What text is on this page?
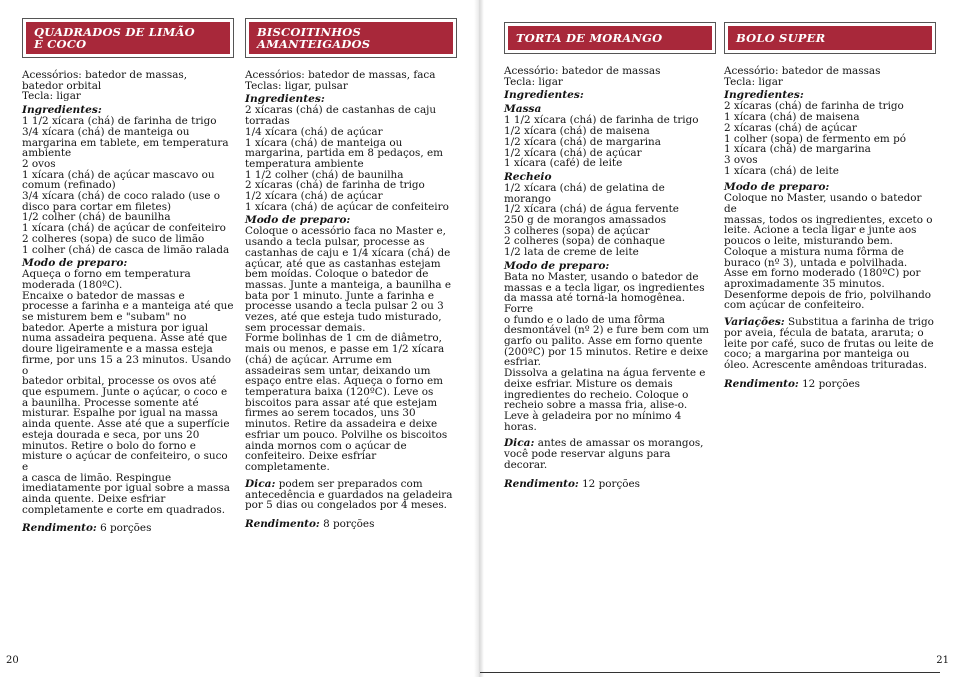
QUADRADOS DE LIMÃO
E COCO

Acessórios: batedor de massas,
batedor orbital
Tecla: ligar

Ingredientes:

1 1/2 xícara (chá) de farinha de trigo
3/4 xícara (chá) de manteiga ou
margarina em tablete, em temperatura
ambiente
2 ovos
1 xícara (chá) de açúcar mascavo ou
comum (refinado)
3/4 xícara (chá) de coco ralado (use o
disco para cortar em filetes)
1/2 colher (chá) de baunilha
1 xícara (chá) de açúcar de confeiteiro
2 colheres (sopa) de suco de limão
1 colher (chá) de casca de limão ralada

Modo de preparo:

Aqueça o forno em temperatura
moderada (180ºC).
Encaixe o batedor de massas e
processe a farinha e a manteiga até que
se misturem bem e "subam" no
batedor. Aperte a mistura por igual
numa assadeira pequena. Asse até que
doure ligeiramente e a massa esteja
firme, por uns 15 a 23 minutos. Usando o
batedor orbital, processe os ovos até
que espumem. Junte o açúcar, o coco e
a baunilha. Processe somente até
misturar. Espalhe por igual na massa
ainda quente. Asse até que a superfície
esteja dourada e seca, por uns 20
minutos. Retire o bolo do forno e
misture o açúcar de confeiteiro, o suco e
a casca de limão. Respingue
imediatamente por igual sobre a massa
ainda quente. Deixe esfriar
completamente e corte em quadrados.

Rendimento: 6 porções
BISCOITINHOS
AMANTEIGADOS

Acessórios: batedor de massas, faca
Teclas: ligar, pulsar

Ingredientes:

2 xícaras (chá) de castanhas de caju
torradas
1/4 xícara (chá) de açúcar
1 xícara (chá) de manteiga ou
margarina, partida em 8 pedaços, em
temperatura ambiente
1 1/2 colher (chá) de baunilha
2 xícaras (chá) de farinha de trigo
1/2 xícara (chá) de açúcar
1 xícara (chá) de açúcar de confeiteiro

Modo de preparo:

Coloque o acessório faca no Master e,
usando a tecla pulsar, processe as
castanhas de caju e 1/4 xícara (chá) de
açúcar, até que as castanhas estejam
bem moídas. Coloque o batedor de
massas. Junte a manteiga, a baunilha e
bata por 1 minuto. Junte a farinha e
processe usando a tecla pulsar 2 ou 3
vezes, até que esteja tudo misturado,
sem processar demais.
Forme bolinhas de 1 cm de diâmetro,
mais ou menos, e passe em 1/2 xícara
(chá) de açúcar. Arrume em
assadeiras sem untar, deixando um
espaço entre elas. Aqueça o forno em
temperatura baixa (120ºC). Leve os
biscoitos para assar até que estejam
firmes ao serem tocados, uns 30
minutos. Retire da assadeira e deixe
esfriar um pouco. Polvilhe os biscoitos
ainda mornos com o açúcar de
confeiteiro. Deixe esfriar
completamente.

Dica: podem ser preparados com
antecedência e guardados na geladeira
por 5 dias ou congelados por 4 meses.

Rendimento: 8 porções
20
TORTA DE MORANGO

Acessório: batedor de massas
Tecla: ligar

Ingredientes:

Massa

1 1/2 xícara (chá) de farinha de trigo
1/2 xícara (chá) de maisena
1/2 xícara (chá) de margarina
1/2 xícara (chá) de açúcar
1 xícara (café) de leite

Recheio

1/2 xícara (chá) de gelatina de
morango
1/2 xícara (chá) de água fervente
250 g de morangos amassados
3 colheres (sopa) de açúcar
2 colheres (sopa) de conhaque
1/2 lata de creme de leite

Modo de preparo:

Bata no Master, usando o batedor de
massas e a tecla ligar, os ingredientes
da massa até torná-la homogênea. Forre
o fundo e o lado de uma fôrma
desmontável (nº 2) e fure bem com um
garfo ou palito. Asse em forno quente
(200ºC) por 15 minutos. Retire e deixe
esfriar.
Dissolva a gelatina na água fervente e
deixe esfriar. Misture os demais
ingredientes do recheio. Coloque o
recheio sobre a massa fria, alise-o.
Leve à geladeira por no mínimo 4 horas.

Dica: antes de amassar os morangos,
você pode reservar alguns para
decorar.

Rendimento: 12 porções
BOLO SUPER

Acessório: batedor de massas
Tecla: ligar

Ingredientes:

2 xícaras (chá) de farinha de trigo
1 xícara (chá) de maisena
2 xícaras (chá) de açúcar
1 colher (sopa) de fermento em pó
1 xícara (chá) de margarina
3 ovos
1 xícara (chá) de leite

Modo de preparo:

Coloque no Master, usando o batedor de
massas, todos os ingredientes, exceto o
leite. Acione a tecla ligar e junte aos
poucos o leite, misturando bem.
Coloque a mistura numa fôrma de
buraco (nº 3), untada e polvilhada.
Asse em forno moderado (180ºC) por
aproximadamente 35 minutos.
Desenforme depois de frio, polvilhando
com açúcar de confeiteiro.

Variações: Substitua a farinha de trigo
por aveia, fécula de batata, araruta; o
leite por café, suco de frutas ou leite de
coco; a margarina por manteiga ou
óleo. Acrescente amêndoas trituradas.

Rendimento: 12 porções
21
